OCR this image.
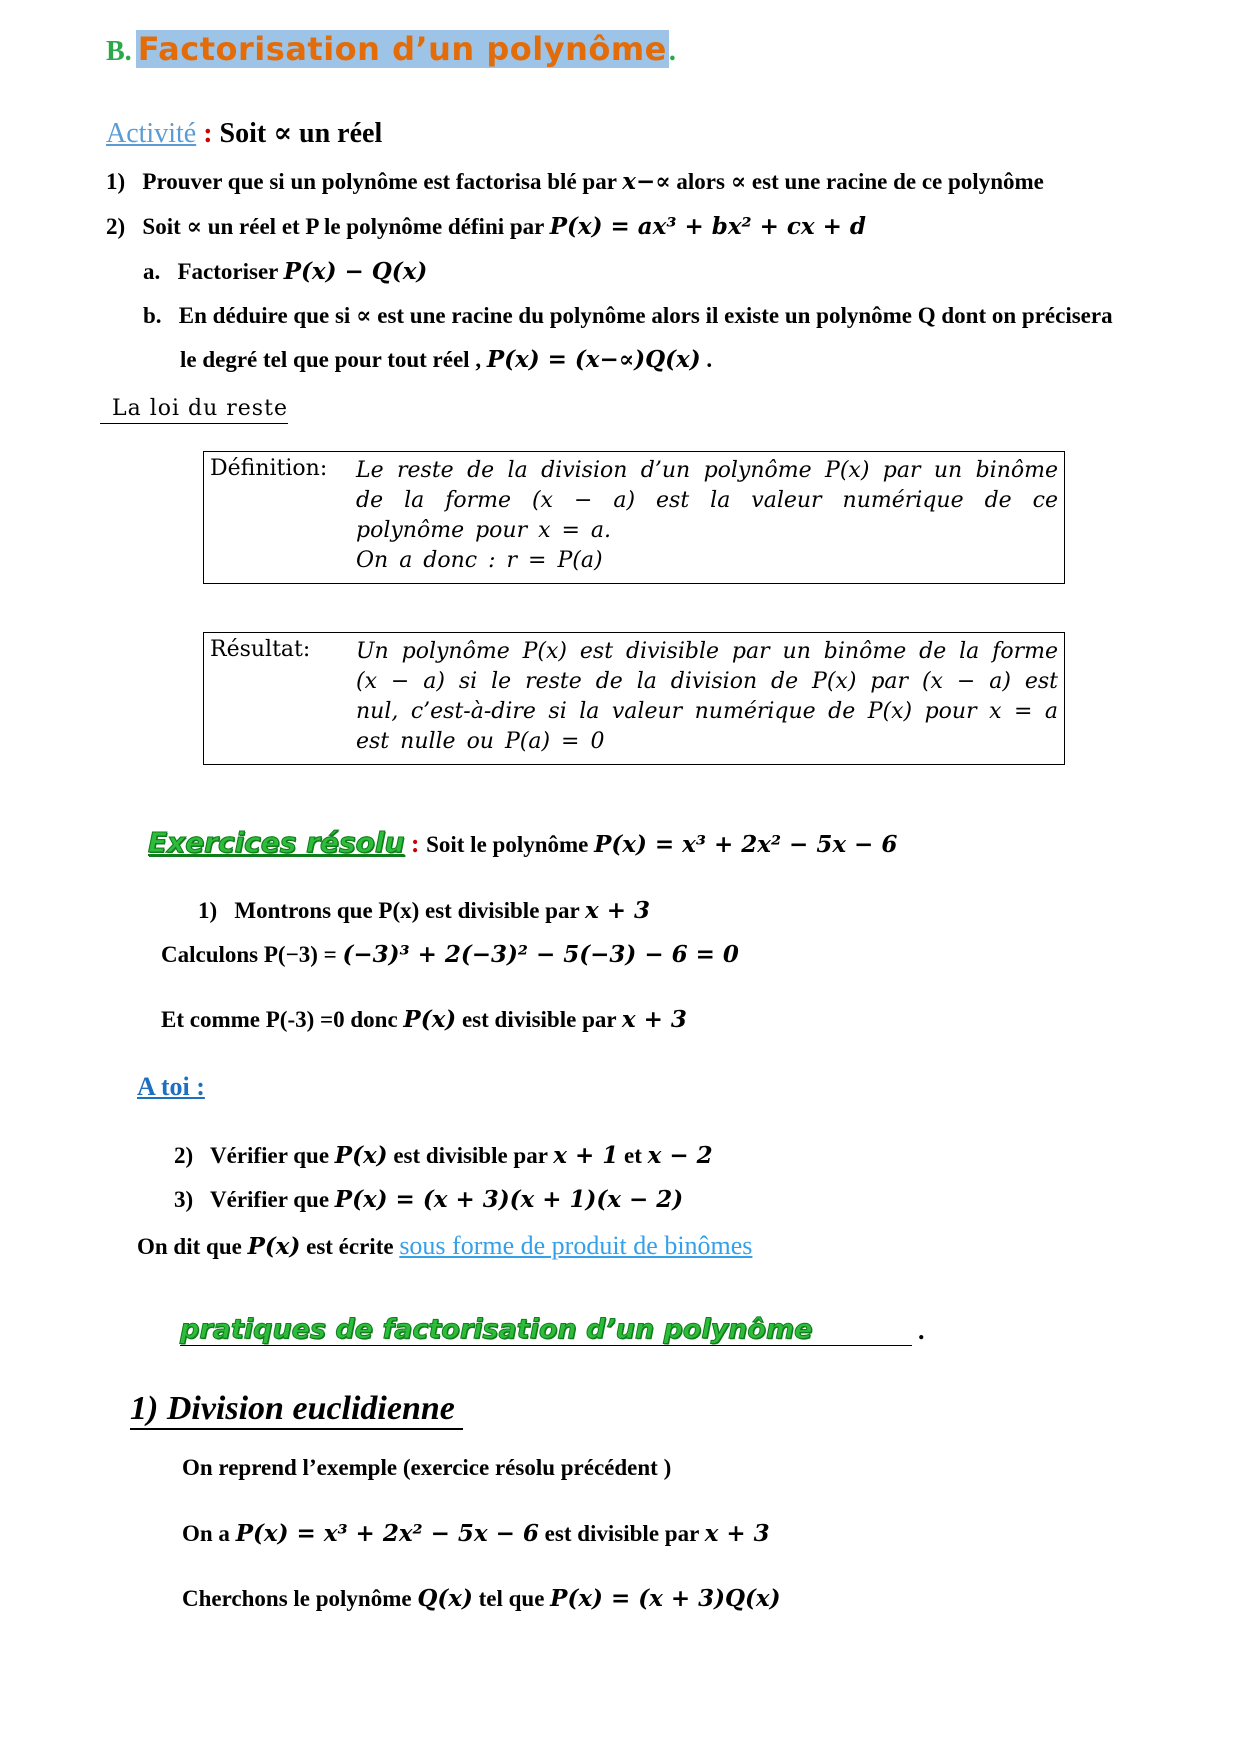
B. Factorisation d’un polynôme.
Activité : Soit ∝ un réel
1) Prouver que si un polynôme est factorisa blé par x−∝ alors ∝ est une racine de ce polynôme
2) Soit ∝ un réel et P le polynôme défini par P(x) = ax³ + bx² + cx + d
a. Factoriser P(x) − Q(x)
b. En déduire que si ∝ est une racine du polynôme alors il existe un polynôme Q dont on précisera
le degré tel que pour tout réel , P(x) = (x−∝)Q(x) .
La loi du reste
Définition: Le reste de la division d’un polynôme P(x) par un binôme de la forme (x − a) est la valeur numérique de ce polynôme pour x = a.
On a donc : r = P(a)
Résultat: Un polynôme P(x) est divisible par un binôme de la forme (x − a) si le reste de la division de P(x) par (x − a) est nul, c’est-à-dire si la valeur numérique de P(x) pour x = a est nulle ou P(a) = 0
Exercices résolu : Soit le polynôme P(x) = x³ + 2x² − 5x − 6
1) Montrons que P(x) est divisible par x + 3
Calculons P(−3) = (−3)³ + 2(−3)² − 5(−3) − 6 = 0
Et comme P(-3) =0 donc P(x) est divisible par x + 3
A toi :
2) Vérifier que P(x) est divisible par x + 1 et x − 2
3) Vérifier que P(x) = (x + 3)(x + 1)(x − 2)
On dit que P(x) est écrite sous forme de produit de binômes
pratiques de factorisation d’un polynôme	.
1) Division euclidienne
On reprend l’exemple (exercice résolu précédent )
On a P(x) = x³ + 2x² − 5x − 6 est divisible par x + 3
Cherchons le polynôme Q(x) tel que P(x) = (x + 3)Q(x)
